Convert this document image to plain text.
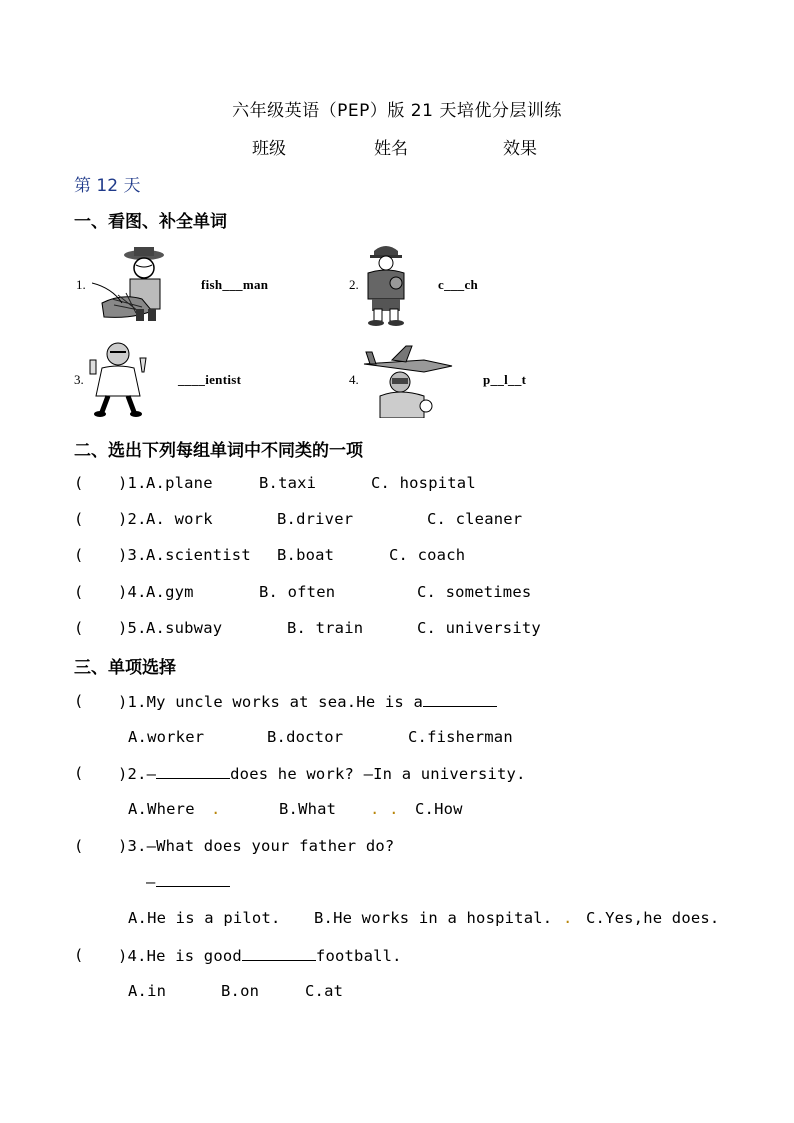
六年级英语（PEP）版 21 天培优分层训练
班级	姓名	效果
第 12 天
一、看图、补全单词
1.	fish___man	2.	c___ch
3.	____ientist	4.	p__l__t
二、选出下列每组单词中不同类的一项
( )1. A.plane	B.taxi	C. hospital
( )2. A. work	B.driver	C. cleaner
( )3. A.scientist B.boat	C. coach
( )4. A.gym	B. often	C. sometimes
( )5. A.subway	B. train	C. university
三、单项选择
( )1.My uncle works at sea.He is a
A.worker	B.doctor	C.fisherman
( )2.—	does he work? —In a university.
A.Where .	B.What . . C.How
( )3.—What does your father do?
—
A.He is a pilot. B.He works in a hospital. . C.Yes,he does.
( )4.He is good	football.
A.in	B.on	C.at
